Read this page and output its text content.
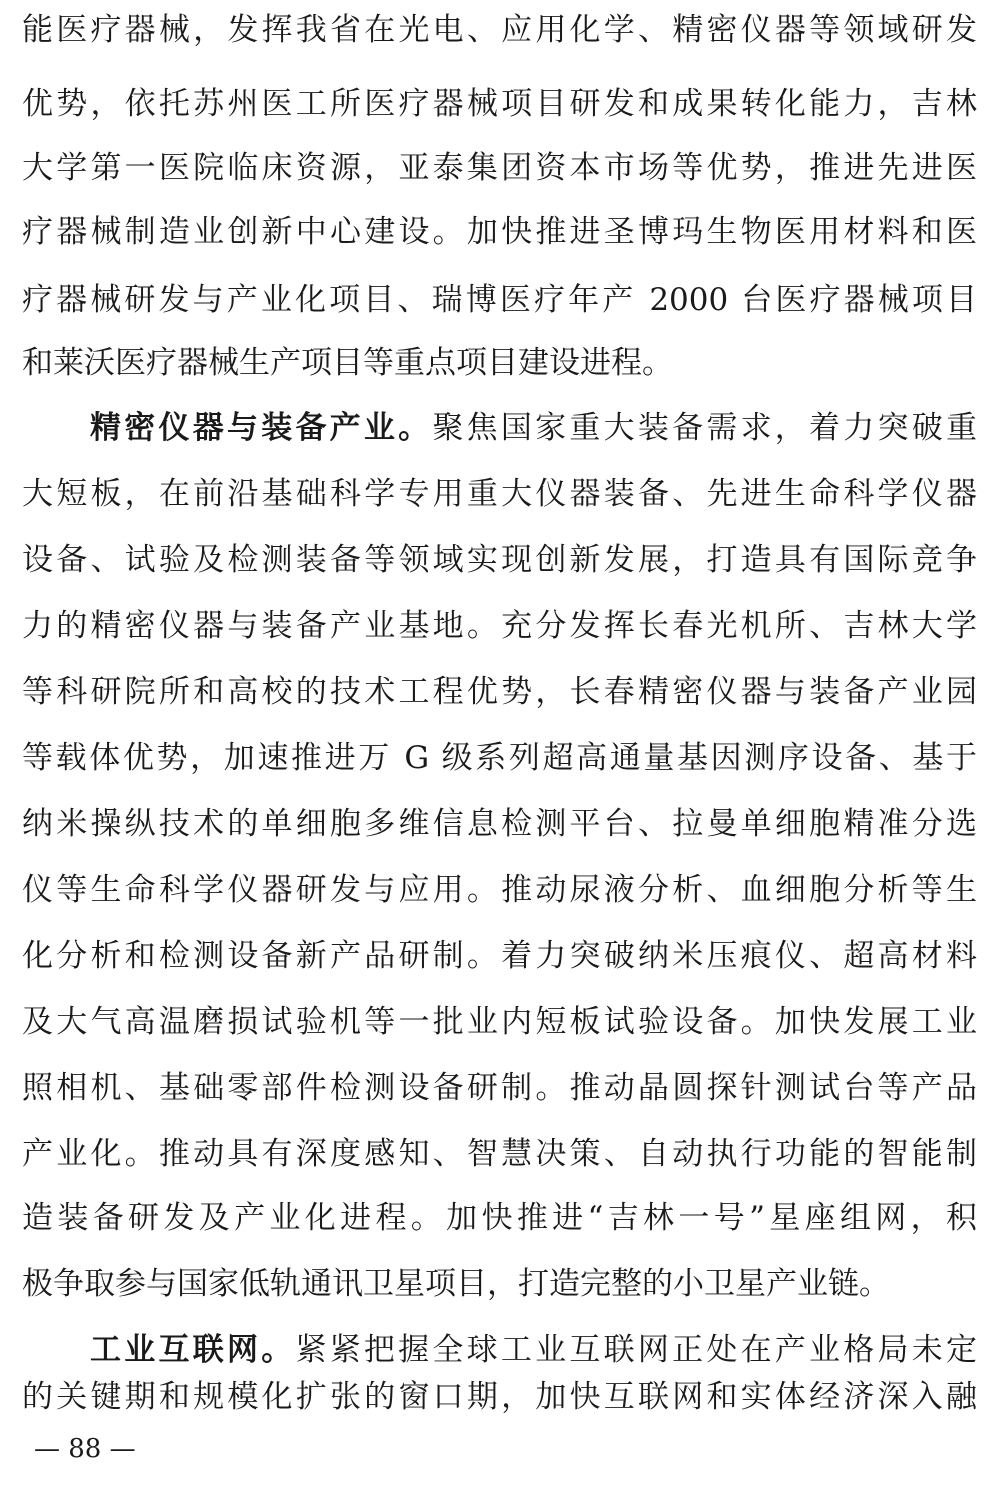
能医疗器械，发挥我省在光电、应用化学、精密仪器等领域研发
优势，依托苏州医工所医疗器械项目研发和成果转化能力，吉林
大学第一医院临床资源，亚泰集团资本市场等优势，推进先进医
疗器械制造业创新中心建设。加快推进圣博玛生物医用材料和医
疗器械研发与产业化项目、瑞博医疗年产 2000 台医疗器械项目
和莱沃医疗器械生产项目等重点项目建设进程。
精密仪器与装备产业。聚焦国家重大装备需求，着力突破重
大短板，在前沿基础科学专用重大仪器装备、先进生命科学仪器
设备、试验及检测装备等领域实现创新发展，打造具有国际竞争
力的精密仪器与装备产业基地。充分发挥长春光机所、吉林大学
等科研院所和高校的技术工程优势，长春精密仪器与装备产业园
等载体优势，加速推进万 G 级系列超高通量基因测序设备、基于
纳米操纵技术的单细胞多维信息检测平台、拉曼单细胞精准分选
仪等生命科学仪器研发与应用。推动尿液分析、血细胞分析等生
化分析和检测设备新产品研制。着力突破纳米压痕仪、超高材料
及大气高温磨损试验机等一批业内短板试验设备。加快发展工业
照相机、基础零部件检测设备研制。推动晶圆探针测试台等产品
产业化。推动具有深度感知、智慧决策、自动执行功能的智能制
造装备研发及产业化进程。加快推进“吉林一号”星座组网，积
极争取参与国家低轨通讯卫星项目，打造完整的小卫星产业链。
工业互联网。紧紧把握全球工业互联网正处在产业格局未定
的关键期和规模化扩张的窗口期，加快互联网和实体经济深入融
— 88 —
